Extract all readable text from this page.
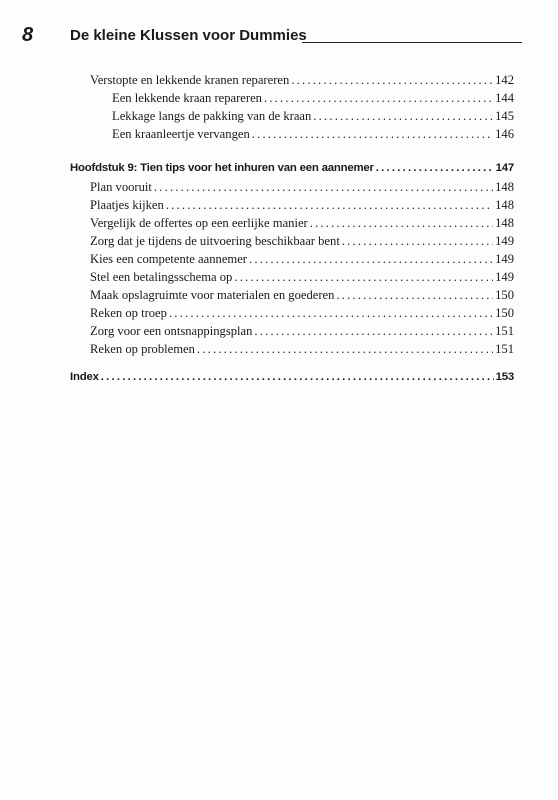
8 De kleine Klussen voor Dummies
Verstopte en lekkende kranen repareren .....	142
Een lekkende kraan repareren .....	144
Lekkage langs de pakking van de kraan .....	145
Een kraanleertje vervangen .....	146
Hoofdstuk 9: Tien tips voor het inhuren van een aannemer .....	147
Plan vooruit .....	148
Plaatjes kijken .....	148
Vergelijk de offertes op een eerlijke manier .....	148
Zorg dat je tijdens de uitvoering beschikbaar bent .....	149
Kies een competente aannemer .....	149
Stel een betalingsschema op .....	149
Maak opslagruimte voor materialen en goederen .....	150
Reken op troep .....	150
Zorg voor een ontsnappingsplan .....	151
Reken op problemen .....	151
Index .....	153
